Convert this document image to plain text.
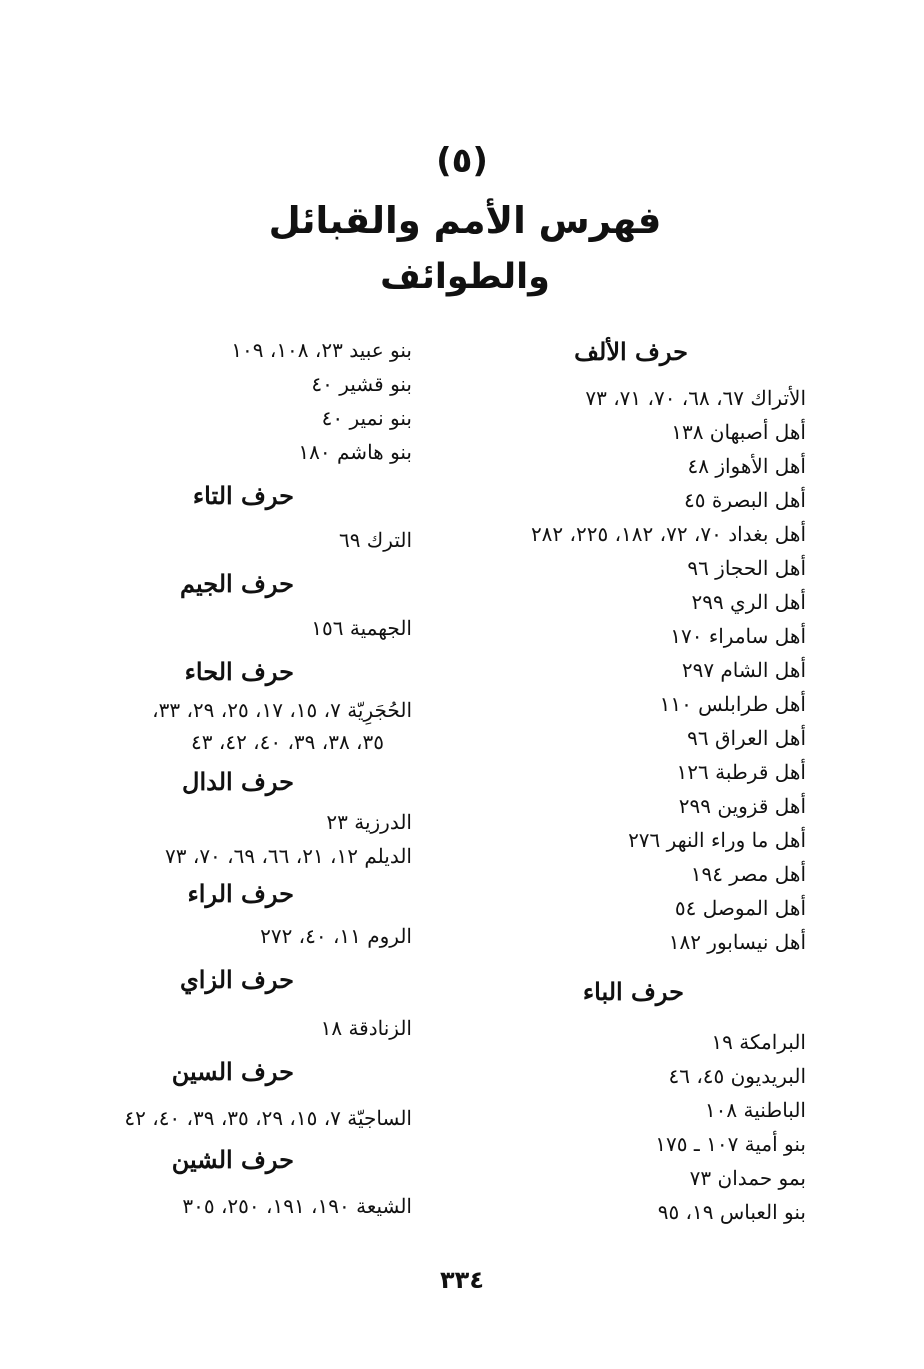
(٥)
فهرس الأمم والقبائل
والطوائف
حرف الألف
الأتراك ٦٧، ٦٨، ٧٠، ٧١، ٧٣
أهل أصبهان ١٣٨
أهل الأهواز ٤٨
أهل البصرة ٤٥
أهل بغداد ٧٠، ٧٢، ١٨٢، ٢٢٥، ٢٨٢
أهل الحجاز ٩٦
أهل الري ٢٩٩
أهل سامراء ١٧٠
أهل الشام ٢٩٧
أهل طرابلس ١١٠
أهل العراق ٩٦
أهل قرطبة ١٢٦
أهل قزوين ٢٩٩
أهل ما وراء النهر ٢٧٦
أهل مصر ١٩٤
أهل الموصل ٥٤
أهل نيسابور ١٨٢
حرف الباء
البرامكة ١٩
البريديون ٤٥، ٤٦
الباطنية ١٠٨
بنو أمية ١٠٧ ـ ١٧٥
بمو حمدان ٧٣
بنو العباس ١٩، ٩٥
بنو عبيد ٢٣، ١٠٨، ١٠٩
بنو قشير ٤٠
بنو نمير ٤٠
بنو هاشم ١٨٠
حرف التاء
الترك ٦٩
حرف الجيم
الجهمية ١٥٦
حرف الحاء
الحُجَرِيّة ٧، ١٥، ١٧، ٢٥، ٢٩، ٣٣،
٣٥، ٣٨، ٣٩، ٤٠، ٤٢، ٤٣
حرف الدال
الدرزية ٢٣
الديلم ١٢، ٢١، ٦٦، ٦٩، ٧٠، ٧٣
حرف الراء
الروم ١١، ٤٠، ٢٧٢
حرف الزاي
الزنادقة ١٨
حرف السين
الساجيّة ٧، ١٥، ٢٩، ٣٥، ٣٩، ٤٠، ٤٢
حرف الشين
الشيعة ١٩٠، ١٩١، ٢٥٠، ٣٠٥
٣٣٤
